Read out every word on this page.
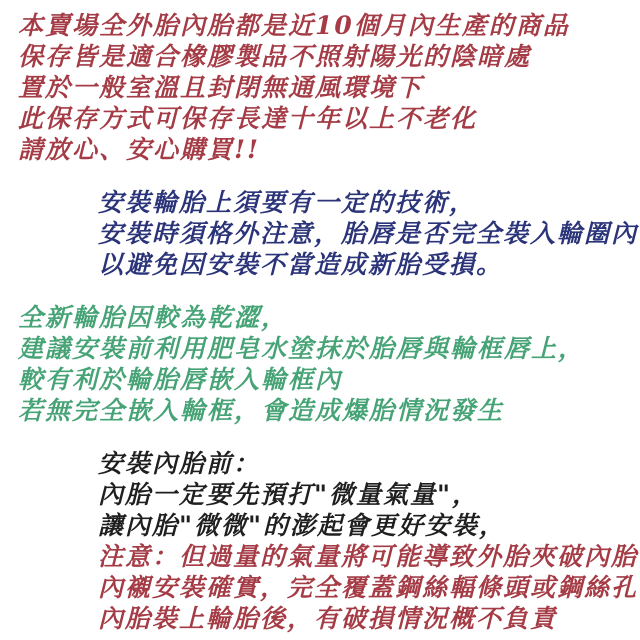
本賣場全外胎內胎都是近10個月內生產的商品

保存皆是適合橡膠製品不照射陽光的陰暗處

置於一般室溫且封閉無通風環境下

此保存方式可保存長達十年以上不老化

請放心、安心購買!!

安裝輪胎上須要有一定的技術，

安裝時須格外注意，胎唇是否完全裝入輪圈內

以避免因安裝不當造成新胎受損。

全新輪胎因較為乾澀，

建議安裝前利用肥皂水塗抹於胎唇與輪框唇上，

較有利於輪胎唇嵌入輪框內

若無完全嵌入輪框，會造成爆胎情況發生

安裝內胎前：

內胎一定要先預打"微量氣量"，

讓內胎"微微"的澎起會更好安裝，

注意：但過量的氣量將可能導致外胎夾破內胎

內襯安裝確實，完全覆蓋鋼絲輻條頭或鋼絲孔

內胎裝上輪胎後，有破損情況概不負責
